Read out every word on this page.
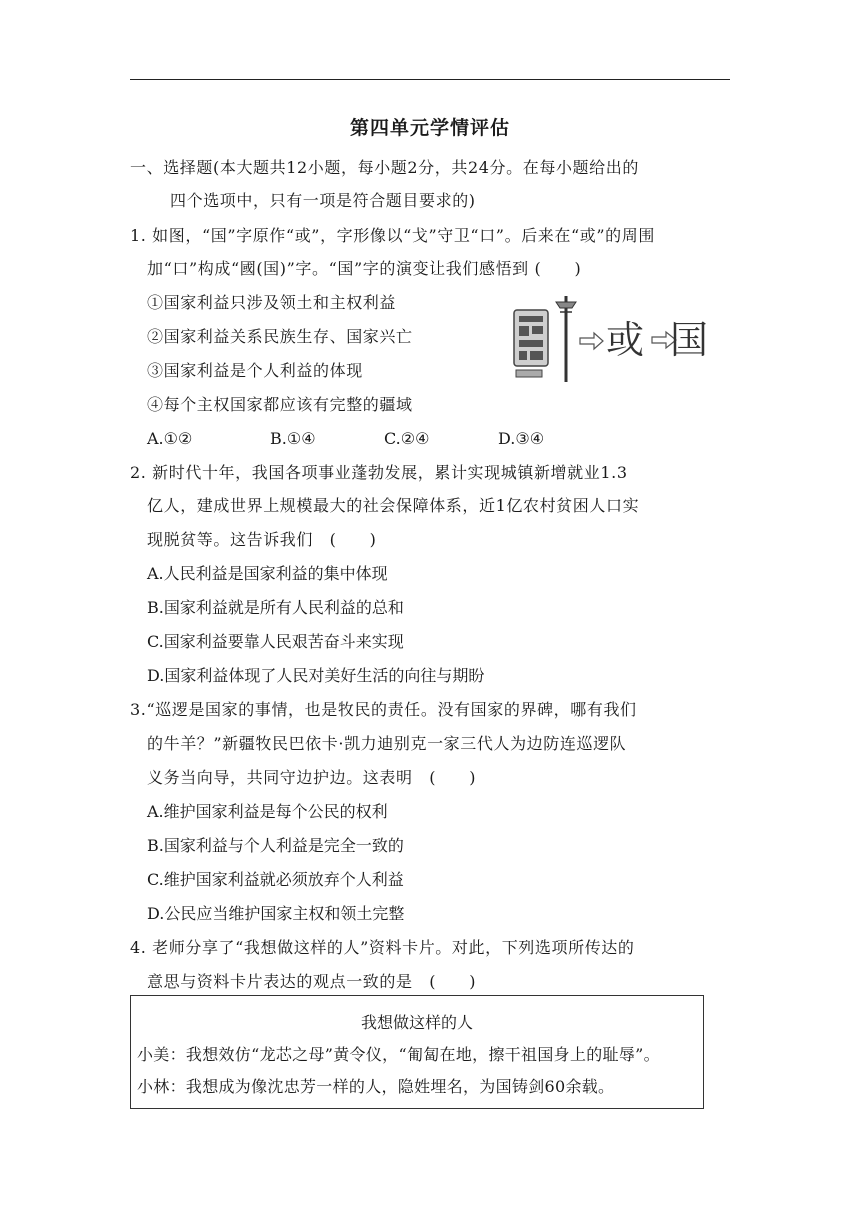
第四单元学情评估
一、选择题(本大题共12小题，每小题2分，共24分。在每小题给出的
四个选项中，只有一项是符合题目要求的)
1. 如图，“国”字原作“或”，字形像以“戈”守卫“口”。后来在“或”的周围
加“口”构成“國(国)”字。“国”字的演变让我们感悟到 (　　)
①国家利益只涉及领土和主权利益
②国家利益关系民族生存、国家兴亡
③国家利益是个人利益的体现
④每个主权国家都应该有完整的疆域
A.①②	B.①④	C.②④	D.③④
或 国
2. 新时代十年，我国各项事业蓬勃发展，累计实现城镇新增就业1.3
亿人，建成世界上规模最大的社会保障体系，近1亿农村贫困人口实
现脱贫等。这告诉我们　(　　)
A.人民利益是国家利益的集中体现
B.国家利益就是所有人民利益的总和
C.国家利益要靠人民艰苦奋斗来实现
D.国家利益体现了人民对美好生活的向往与期盼
3.“巡逻是国家的事情，也是牧民的责任。没有国家的界碑，哪有我们
的牛羊？”新疆牧民巴依卡·凯力迪别克一家三代人为边防连巡逻队
义务当向导，共同守边护边。这表明　(　　)
A.维护国家利益是每个公民的权利
B.国家利益与个人利益是完全一致的
C.维护国家利益就必须放弃个人利益
D.公民应当维护国家主权和领土完整
4. 老师分享了“我想做这样的人”资料卡片。对此，下列选项所传达的
意思与资料卡片表达的观点一致的是　(　　)
我想做这样的人
小美：我想效仿“龙芯之母”黄令仪，“匍匐在地，擦干祖国身上的耻辱”。
小林：我想成为像沈忠芳一样的人，隐姓埋名，为国铸剑60余载。
